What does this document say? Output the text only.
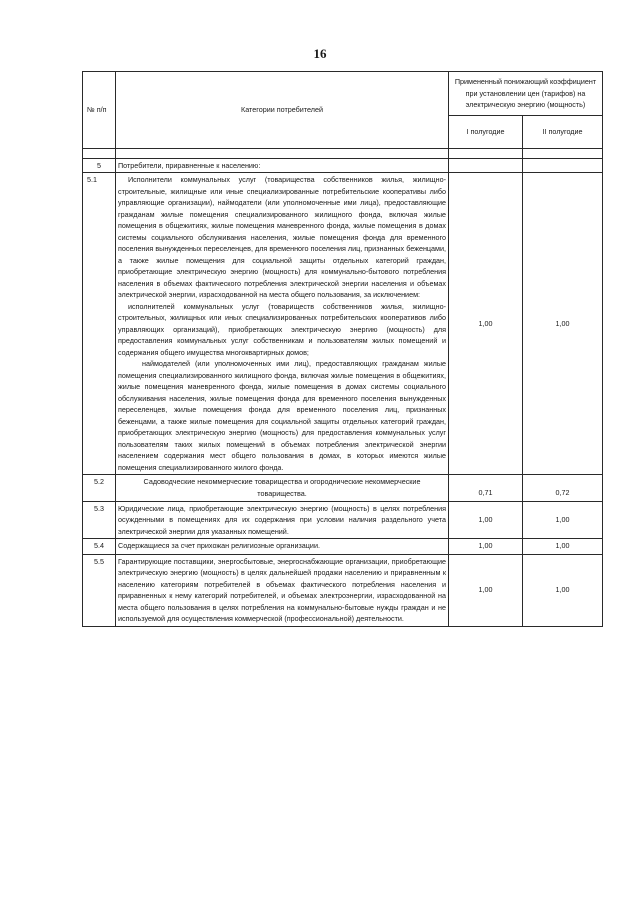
16
№ п/п	Категории потребителей	Примененный понижающий коэффициент при установлении цен (тарифов) на электрическую энергию (мощность)	
		I полугодие	II полугодие

5	Потребители, приравненные к населению:		

5.1	Исполнители коммунальных услуг (товарищества собственников жилья, жилищно-строительные, жилищные или иные специализированные потребительские кооперативы либо управляющие организации), наймодатели (или уполномоченные ими лица), предоставляющие гражданам жилые помещения специализированного жилищного фонда, включая жилые помещения в общежитиях, жилые помещения маневренного фонда, жилые помещения в домах системы социального обслуживания населения, жилые помещения фонда для временного поселения вынужденных переселенцев, для временного поселения лиц, признанных беженцами, а также жилые помещения для социальной защиты отдельных категорий граждан, приобретающие электрическую энергию (мощность) для коммунально-бытового потребления населения в объемах фактического потребления электрической энергии населения и объемах электрической энергии, израсходованной на места общего пользования, за исключением:

исполнителей коммунальных услуг (товариществ собственников жилья, жилищно-строительных, жилищных или иных специализированных потребительских кооперативов либо управляющих организаций), приобретающих электрическую энергию (мощность) для предоставления коммунальных услуг собственникам и пользователям жилых помещений и содержания общего имущества многоквартирных домов;

наймодателей (или уполномоченных ими лиц), предоставляющих гражданам жилые помещения специализированного жилищного фонда, включая жилые помещения в общежитиях, жилые помещения маневренного фонда, жилые помещения в домах системы социального обслуживания населения, жилые помещения фонда для временного поселения вынужденных переселенцев, жилые помещения фонда для временного поселения лиц, признанных беженцами, а также жилые помещения для социальной защиты отдельных категорий граждан, приобретающих электрическую энергию (мощность) для предоставления коммунальных услуг пользователям таких жилых помещений в объемах потребления электрической энергии населением содержания мест общего пользования в домах, в которых имеются жилые помещения специализированного жилого фонда.	1,00	1,00
5.2	Садоводческие некоммерческие товарищества и огороднические некоммерческие товарищества.	0,71	0,72
5.3	Юридические лица, приобретающие электрическую энергию (мощность) в целях потребления осужденными в помещениях для их содержания при условии наличия раздельного учета электрической энергии для указанных помещений.	1,00	1,00
5.4	Содержащиеся за счет прихожан религиозные организации.	1,00	1,00
5.5	Гарантирующие поставщики, энергосбытовые, энергоснабжающие организации, приобретающие электрическую энергию (мощность) в целях дальнейшей продажи населению и приравненным к населению категориям потребителей в объемах фактического потребления населения и приравненных к нему категорий потребителей, и объемах электроэнергии, израсходованной на места общего пользования в целях потребления на коммунально-бытовые нужды граждан и не используемой для осуществления коммерческой (профессиональной) деятельности.	1,00	1,00
